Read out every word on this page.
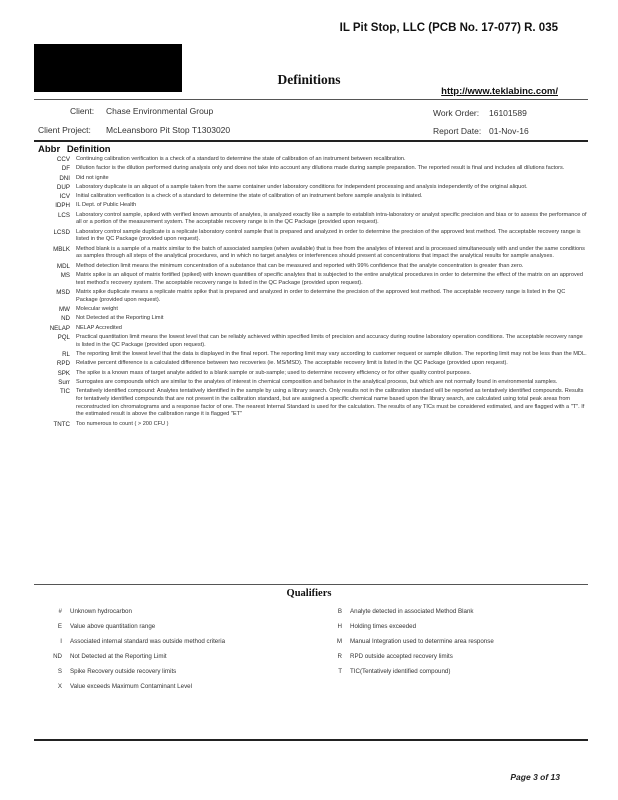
IL Pit Stop, LLC (PCB No. 17-077) R. 035
Definitions
http://www.teklabinc.com/
Client: Chase Environmental Group
Client Project: McLeansboro Pit Stop T1303020
Work Order: 16101589
Report Date: 01-Nov-16
Abbr Definition
CCV	Continuing calibration verification is a check of a standard to determine the state of calibration of an instrument between recalibration.
DF	Dilution factor is the dilution performed during analysis only and does not take into account any dilutions made during sample preparation. The reported result is final and includes all dilutions factors.
DNI	Did not ignite
DUP	Laboratory duplicate is an aliquot of a sample taken from the same container under laboratory conditions for independent processing and analysis independently of the original aliquot.
ICV	Initial calibration verification is a check of a standard to determine the state of calibration of an instrument before sample analysis is initiated.
IDPH	IL Dept. of Public Health
LCS	Laboratory control sample, spiked with verified known amounts of analytes, is analyzed exactly like a sample to establish intra-laboratory or analyst specific precision and bias or to assess the performance of all or a portion of the measurement system. The acceptable recovery range is in the QC Package (provided upon request).
LCSD	Laboratory control sample duplicate is a replicate laboratory control sample that is prepared and analyzed in order to determine the precision of the approved test method. The acceptable recovery range is listed in the QC Package (provided upon request).
MBLK	Method blank is a sample of a matrix similar to the batch of associated samples (when available) that is free from the analytes of interest and is processed simultaneously with and under the same conditions as samples through all steps of the analytical procedures, and in which no target analytes or interferences should present at concentrations that impact the analytical results for sample analyses.
MDL	Method detection limit means the minimum concentration of a substance that can be measured and reported with 99% confidence that the analyte concentration is greater than zero.
MS	Matrix spike is an aliquot of matrix fortified (spiked) with known quantities of specific analytes that is subjected to the entire analytical procedures in order to determine the effect of the matrix on an approved test method's recovery system. The acceptable recovery range is listed in the QC Package (provided upon request).
MSD	Matrix spike duplicate means a replicate matrix spike that is prepared and analyzed in order to determine the precision of the approved test method. The acceptable recovery range is listed in the QC Package (provided upon request).
MW	Molecular weight
ND	Not Detected at the Reporting Limit
NELAP	NELAP Accredited
PQL	Practical quantitation limit means the lowest level that can be reliably achieved within specified limits of precision and accuracy during routine laboratory operation conditions. The acceptable recovery range is listed in the QC Package (provided upon request).
RL	The reporting limit the lowest level that the data is displayed in the final report. The reporting limit may vary according to customer request or sample dilution. The reporting limit may not be less than the MDL.
RPD	Relative percent difference is a calculated difference between two recoveries (ie. MS/MSD). The acceptable recovery limit is listed in the QC Package (provided upon request).
SPK	The spike is a known mass of target analyte added to a blank sample or sub-sample; used to determine recovery efficiency or for other quality control purposes.
Surr	Surrogates are compounds which are similar to the analytes of interest in chemical composition and behavior in the analytical process, but which are not normally found in environmental samples.
TIC	Tentatively identified compound: Analytes tentatively identified in the sample by using a library search. Only results not in the calibration standard will be reported as tentatively identified compounds. Results for tentatively identified compounds that are not present in the calibration standard, but are assigned a specific chemical name based upon the library search, are calculated using total peak areas from reconstructed ion chromatograms and a response factor of one. The nearest Internal Standard is used for the calculation. The results of any TICs must be considered estimated, and are flagged with a "T". If the estimated result is above the calibration range it is flagged "ET"
TNTC	Too numerous to count ( > 200 CFU )
Qualifiers
#	Unknown hydrocarbon
E	Value above quantitation range
I	Associated internal standard was outside method criteria
ND	Not Detected at the Reporting Limit
S	Spike Recovery outside recovery limits
X	Value exceeds Maximum Contaminant Level
B	Analyte detected in associated Method Blank
H	Holding times exceeded
M	Manual Integration used to determine area response
R	RPD outside accepted recovery limits
T	TIC(Tentatively identified compound)
Page 3 of 13
